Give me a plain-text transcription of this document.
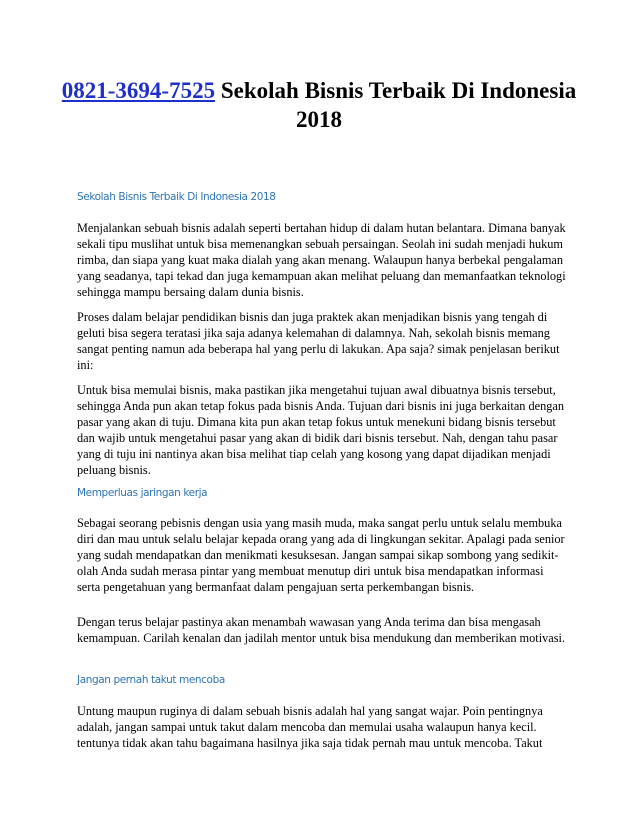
0821-3694-7525 Sekolah Bisnis Terbaik Di Indonesia 2018
Sekolah Bisnis Terbaik Di Indonesia 2018

Menjalankan sebuah bisnis adalah seperti bertahan hidup di dalam hutan belantara. Dimana banyak sekali tipu muslihat untuk bisa memenangkan sebuah persaingan. Seolah ini sudah menjadi hukum rimba, dan siapa yang kuat maka dialah yang akan menang. Walaupun hanya berbekal pengalaman yang seadanya, tapi tekad dan juga kemampuan akan melihat peluang dan memanfaatkan teknologi sehingga mampu bersaing dalam dunia bisnis.

Proses dalam belajar pendidikan bisnis dan juga praktek akan menjadikan bisnis yang tengah di geluti bisa segera teratasi jika saja adanya kelemahan di dalamnya. Nah, sekolah bisnis memang sangat penting namun ada beberapa hal yang perlu di lakukan. Apa saja? simak penjelasan berikut ini:

Untuk bisa memulai bisnis, maka pastikan jika mengetahui tujuan awal dibuatnya bisnis tersebut, sehingga Anda pun akan tetap fokus pada bisnis Anda. Tujuan dari bisnis ini juga berkaitan dengan pasar yang akan di tuju. Dimana kita pun akan tetap fokus untuk menekuni bidang bisnis tersebut dan wajib untuk mengetahui pasar yang akan di bidik dari bisnis tersebut. Nah, dengan tahu pasar yang di tuju ini nantinya akan bisa melihat tiap celah yang kosong yang dapat dijadikan menjadi peluang bisnis.

Memperluas jaringan kerja

Sebagai seorang pebisnis dengan usia yang masih muda, maka sangat perlu untuk selalu membuka diri dan mau untuk selalu belajar kepada orang yang ada di lingkungan sekitar. Apalagi pada senior yang sudah mendapatkan dan menikmati kesuksesan. Jangan sampai sikap sombong yang sedikit- olah Anda sudah merasa pintar yang membuat menutup diri untuk bisa mendapatkan informasi serta pengetahuan yang bermanfaat dalam pengajuan serta perkembangan bisnis.

Dengan terus belajar pastinya akan menambah wawasan yang Anda terima dan bisa mengasah kemampuan. Carilah kenalan dan jadilah mentor untuk bisa mendukung dan memberikan motivasi.

Jangan pernah takut mencoba

Untung maupun ruginya di dalam sebuah bisnis adalah hal yang sangat wajar. Poin pentingnya adalah, jangan sampai untuk takut dalam mencoba dan memulai usaha walaupun hanya kecil. tentunya tidak akan tahu bagaimana hasilnya jika saja tidak pernah mau untuk mencoba. Takut
